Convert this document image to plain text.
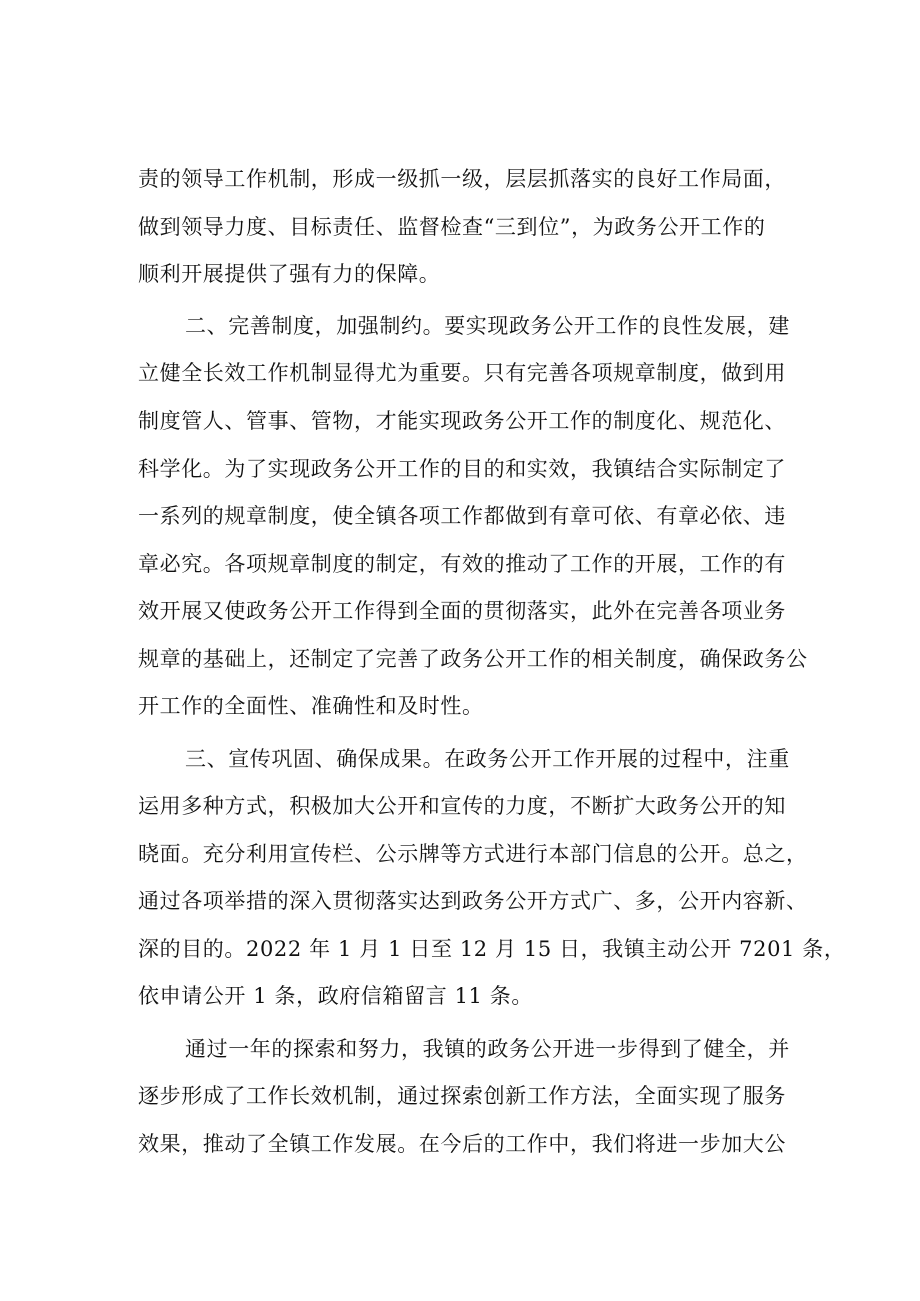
责的领导工作机制，形成一级抓一级，层层抓落实的良好工作局面，

做到领导力度、目标责任、监督检查“三到位”，为政务公开工作的

顺利开展提供了强有力的保障。

二、完善制度，加强制约。要实现政务公开工作的良性发展，建

立健全长效工作机制显得尤为重要。只有完善各项规章制度，做到用

制度管人、管事、管物，才能实现政务公开工作的制度化、规范化、

科学化。为了实现政务公开工作的目的和实效，我镇结合实际制定了

一系列的规章制度，使全镇各项工作都做到有章可依、有章必依、违

章必究。各项规章制度的制定，有效的推动了工作的开展，工作的有

效开展又使政务公开工作得到全面的贯彻落实，此外在完善各项业务

规章的基础上，还制定了完善了政务公开工作的相关制度，确保政务公

开工作的全面性、准确性和及时性。

三、宣传巩固、确保成果。在政务公开工作开展的过程中，注重

运用多种方式，积极加大公开和宣传的力度，不断扩大政务公开的知

晓面。充分利用宣传栏、公示牌等方式进行本部门信息的公开。总之，

通过各项举措的深入贯彻落实达到政务公开方式广、多，公开内容新、

深的目的。2022 年 1 月 1 日至 12 月 15 日，我镇主动公开 7201 条，

依申请公开 1 条，政府信箱留言 11 条。

通过一年的探索和努力，我镇的政务公开进一步得到了健全，并

逐步形成了工作长效机制，通过探索创新工作方法，全面实现了服务

效果，推动了全镇工作发展。在今后的工作中，我们将进一步加大公
